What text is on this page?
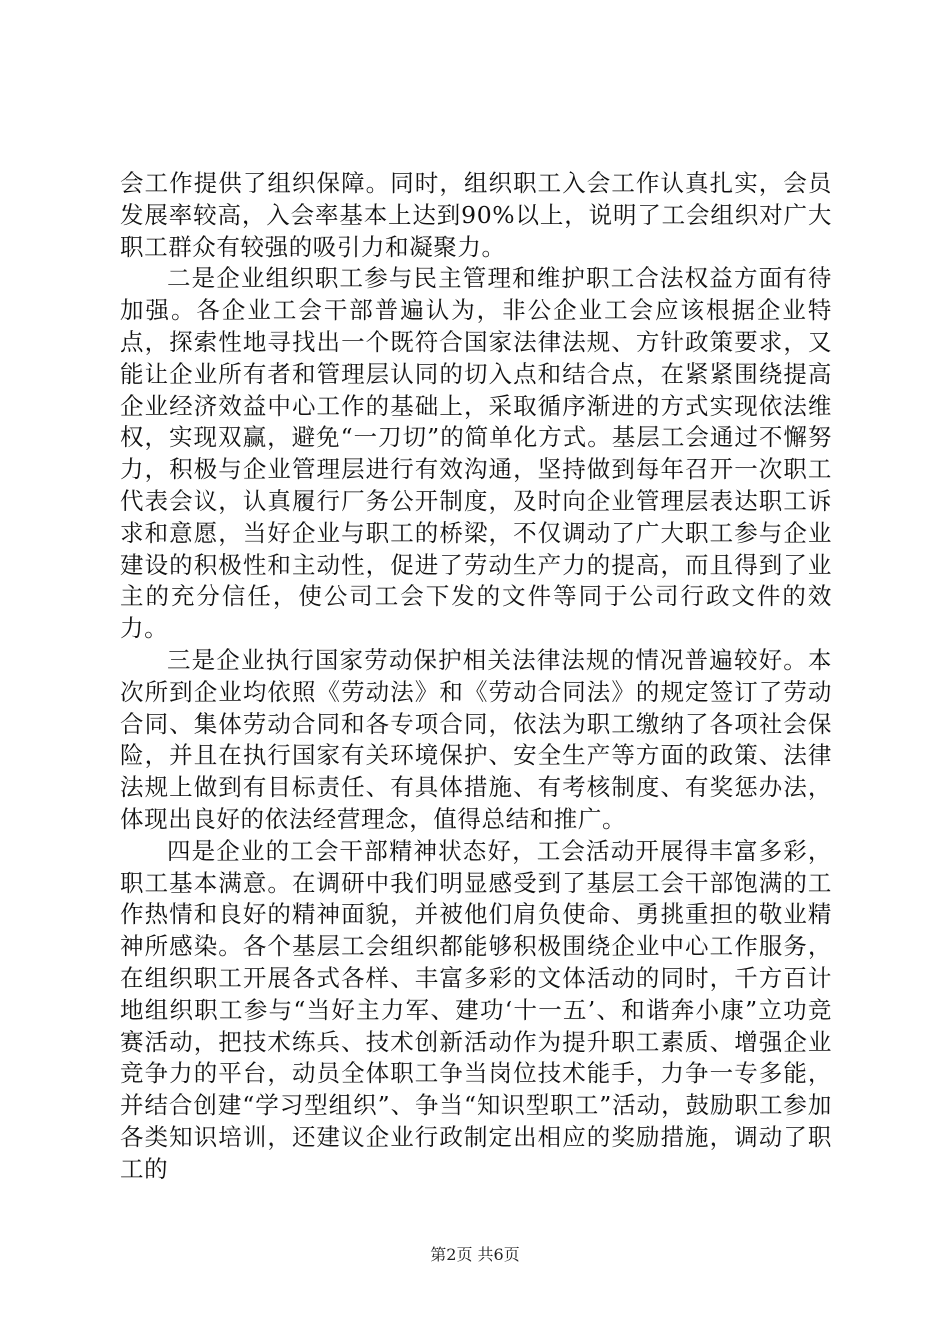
会工作提供了组织保障。同时，组织职工入会工作认真扎实，会员发展率较高，入会率基本上达到90%以上，说明了工会组织对广大职工群众有较强的吸引力和凝聚力。

二是企业组织职工参与民主管理和维护职工合法权益方面有待加强。各企业工会干部普遍认为，非公企业工会应该根据企业特点，探索性地寻找出一个既符合国家法律法规、方针政策要求，又能让企业所有者和管理层认同的切入点和结合点，在紧紧围绕提高企业经济效益中心工作的基础上，采取循序渐进的方式实现依法维权，实现双赢，避免“一刀切”的简单化方式。基层工会通过不懈努力，积极与企业管理层进行有效沟通，坚持做到每年召开一次职工代表会议，认真履行厂务公开制度，及时向企业管理层表达职工诉求和意愿，当好企业与职工的桥梁，不仅调动了广大职工参与企业建设的积极性和主动性，促进了劳动生产力的提高，而且得到了业主的充分信任，使公司工会下发的文件等同于公司行政文件的效力。

三是企业执行国家劳动保护相关法律法规的情况普遍较好。本次所到企业均依照《劳动法》和《劳动合同法》的规定签订了劳动合同、集体劳动合同和各专项合同，依法为职工缴纳了各项社会保险，并且在执行国家有关环境保护、安全生产等方面的政策、法律法规上做到有目标责任、有具体措施、有考核制度、有奖惩办法，体现出良好的依法经营理念，值得总结和推广。

四是企业的工会干部精神状态好，工会活动开展得丰富多彩，职工基本满意。在调研中我们明显感受到了基层工会干部饱满的工作热情和良好的精神面貌，并被他们肩负使命、勇挑重担的敬业精神所感染。各个基层工会组织都能够积极围绕企业中心工作服务，在组织职工开展各式各样、丰富多彩的文体活动的同时，千方百计地组织职工参与“当好主力军、建功‘十一五’、和谐奔小康”立功竞赛活动，把技术练兵、技术创新活动作为提升职工素质、增强企业竞争力的平台，动员全体职工争当岗位技术能手，力争一专多能，并结合创建“学习型组织”、争当“知识型职工”活动，鼓励职工参加各类知识培训，还建议企业行政制定出相应的奖励措施，调动了职工的

第2页 共6页
